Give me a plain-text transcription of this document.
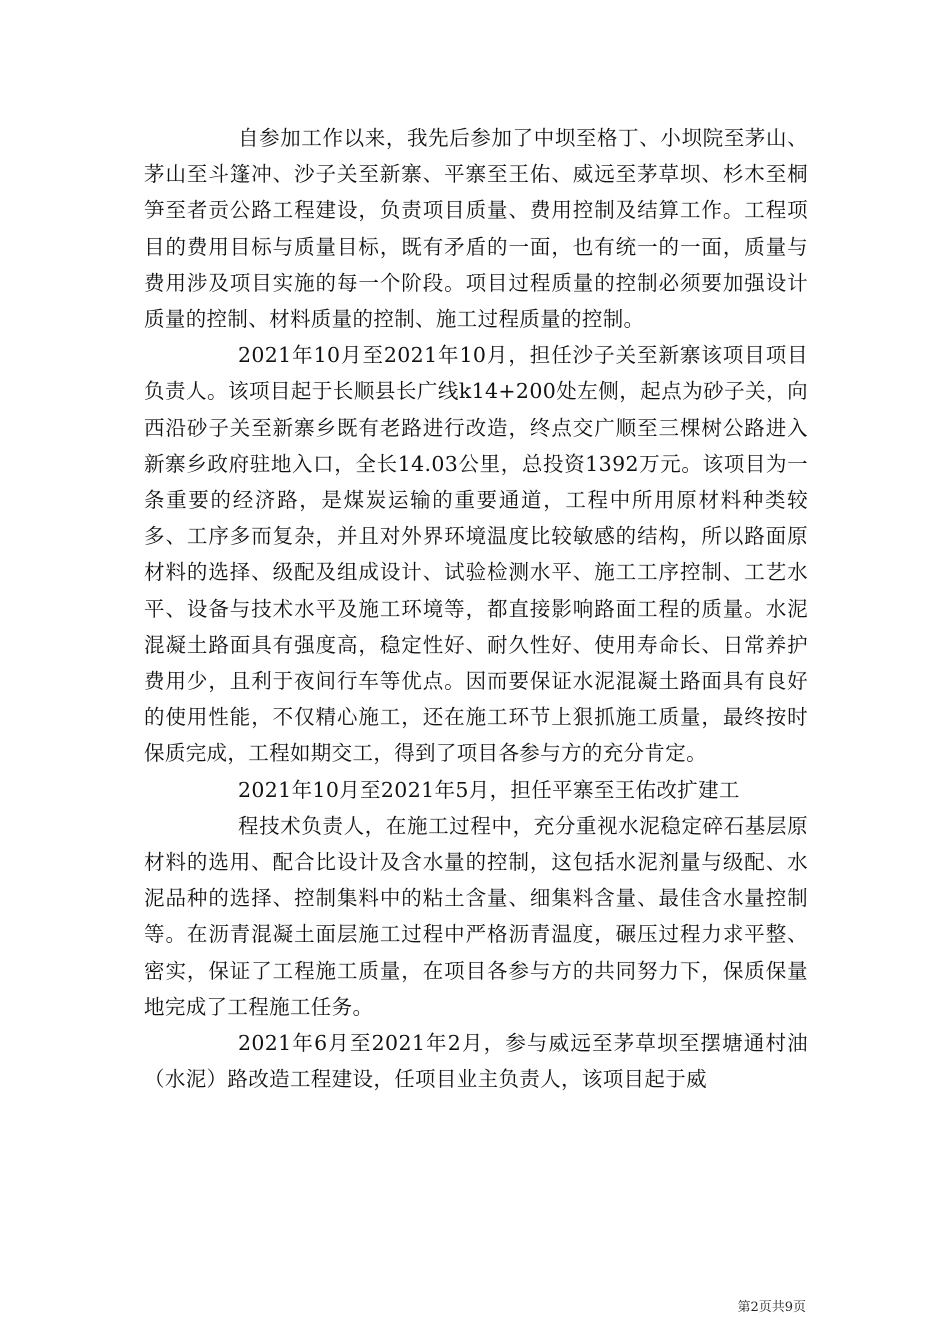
自参加工作以来，我先后参加了中坝至格丁、小坝院至茅山、茅山至斗篷冲、沙子关至新寨、平寨至王佑、威远至茅草坝、杉木至桐笋至者贡公路工程建设，负责项目质量、费用控制及结算工作。工程项目的费用目标与质量目标，既有矛盾的一面，也有统一的一面，质量与费用涉及项目实施的每一个阶段。项目过程质量的控制必须要加强设计质量的控制、材料质量的控制、施工过程质量的控制。

2021年10月至2021年10月，担任沙子关至新寨该项目项目负责人。该项目起于长顺县长广线k14+200处左侧，起点为砂子关，向西沿砂子关至新寨乡既有老路进行改造，终点交广顺至三棵树公路进入新寨乡政府驻地入口，全长14.03公里，总投资1392万元。该项目为一条重要的经济路，是煤炭运输的重要通道，工程中所用原材料种类较多、工序多而复杂，并且对外界环境温度比较敏感的结构，所以路面原材料的选择、级配及组成设计、试验检测水平、施工工序控制、工艺水平、设备与技术水平及施工环境等，都直接影响路面工程的质量。水泥混凝土路面具有强度高，稳定性好、耐久性好、使用寿命长、日常养护费用少，且利于夜间行车等优点。因而要保证水泥混凝土路面具有良好的使用性能，不仅精心施工，还在施工环节上狠抓施工质量，最终按时保质完成，工程如期交工，得到了项目各参与方的充分肯定。

2021年10月至2021年5月，担任平寨至王佑改扩建工

程技术负责人，在施工过程中，充分重视水泥稳定碎石基层原材料的选用、配合比设计及含水量的控制，这包括水泥剂量与级配、水泥品种的选择、控制集料中的粘土含量、细集料含量、最佳含水量控制等。在沥青混凝土面层施工过程中严格沥青温度，碾压过程力求平整、密实，保证了工程施工质量，在项目各参与方的共同努力下，保质保量地完成了工程施工任务。

2021年6月至2021年2月，参与威远至茅草坝至摆塘通村油（水泥）路改造工程建设，任项目业主负责人，该项目起于威

第2页共9页
